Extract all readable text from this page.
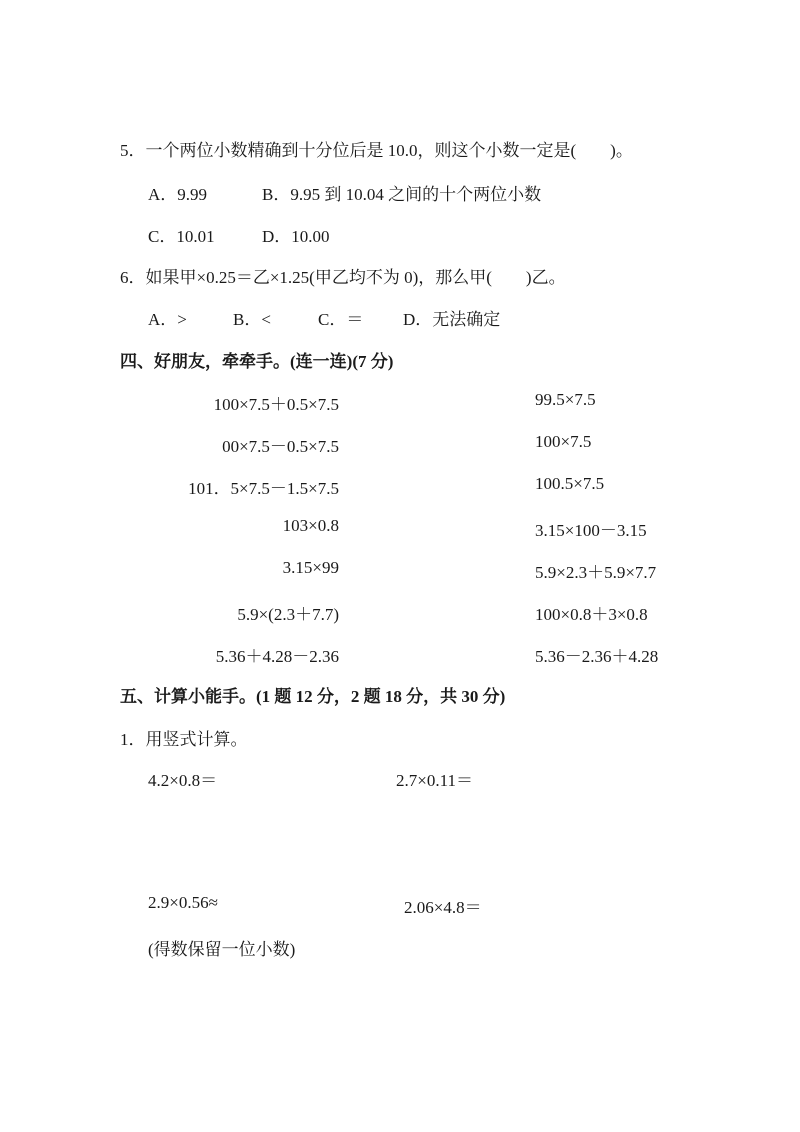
5．一个两位小数精确到十分位后是 10.0，则这个小数一定是(　　)。
A．9.99	B．9.95 到 10.04 之间的十个两位小数
C．10.01	D．10.00
6．如果甲×0.25＝乙×1.25(甲乙均不为 0)，那么甲(　　)乙。
A．>	B．<	C．＝ D．无法确定
四、好朋友，牵牵手。(连一连)(7 分)
100×7.5＋0.5×7.5
00×7.5－0.5×7.5
101．5×7.5－1.5×7.5
103×0.8
3.15×99
5.9×(2.3＋7.7)
5.36＋4.28－2.36
99.5×7.5
100×7.5
100.5×7.5
3.15×100－3.15
5.9×2.3＋5.9×7.7
100×0.8＋3×0.8
5.36－2.36＋4.28
五、计算小能手。(1 题 12 分，2 题 18 分，共 30 分)
1．用竖式计算。
4.2×0.8＝	2.7×0.11＝
2.9×0.56≈	2.06×4.8＝
(得数保留一位小数)
